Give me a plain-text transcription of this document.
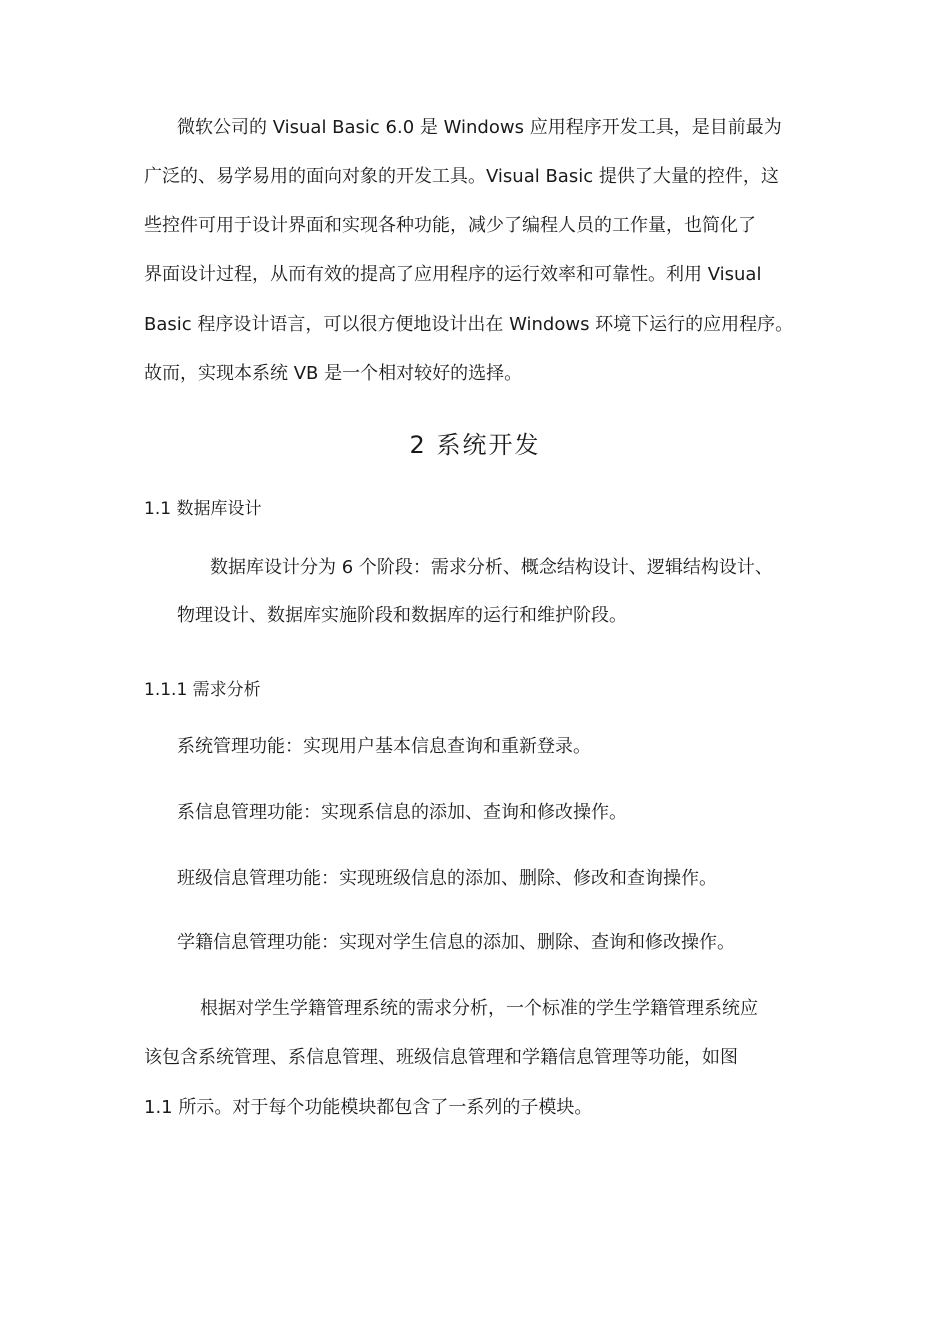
微软公司的 Visual Basic 6.0 是 Windows 应用程序开发工具，是目前最为
广泛的、易学易用的面向对象的开发工具。Visual Basic 提供了大量的控件，这
些控件可用于设计界面和实现各种功能，减少了编程人员的工作量，也简化了
界面设计过程，从而有效的提高了应用程序的运行效率和可靠性。利用 Visual
Basic 程序设计语言，可以很方便地设计出在 Windows 环境下运行的应用程序。
故而，实现本系统 VB 是一个相对较好的选择。
2 系统开发
1.1 数据库设计
数据库设计分为 6 个阶段：需求分析、概念结构设计、逻辑结构设计、
物理设计、数据库实施阶段和数据库的运行和维护阶段。
1.1.1 需求分析
系统管理功能：实现用户基本信息查询和重新登录。
系信息管理功能：实现系信息的添加、查询和修改操作。
班级信息管理功能：实现班级信息的添加、删除、修改和查询操作。
学籍信息管理功能：实现对学生信息的添加、删除、查询和修改操作。
根据对学生学籍管理系统的需求分析，一个标准的学生学籍管理系统应
该包含系统管理、系信息管理、班级信息管理和学籍信息管理等功能，如图
1.1 所示。对于每个功能模块都包含了一系列的子模块。
